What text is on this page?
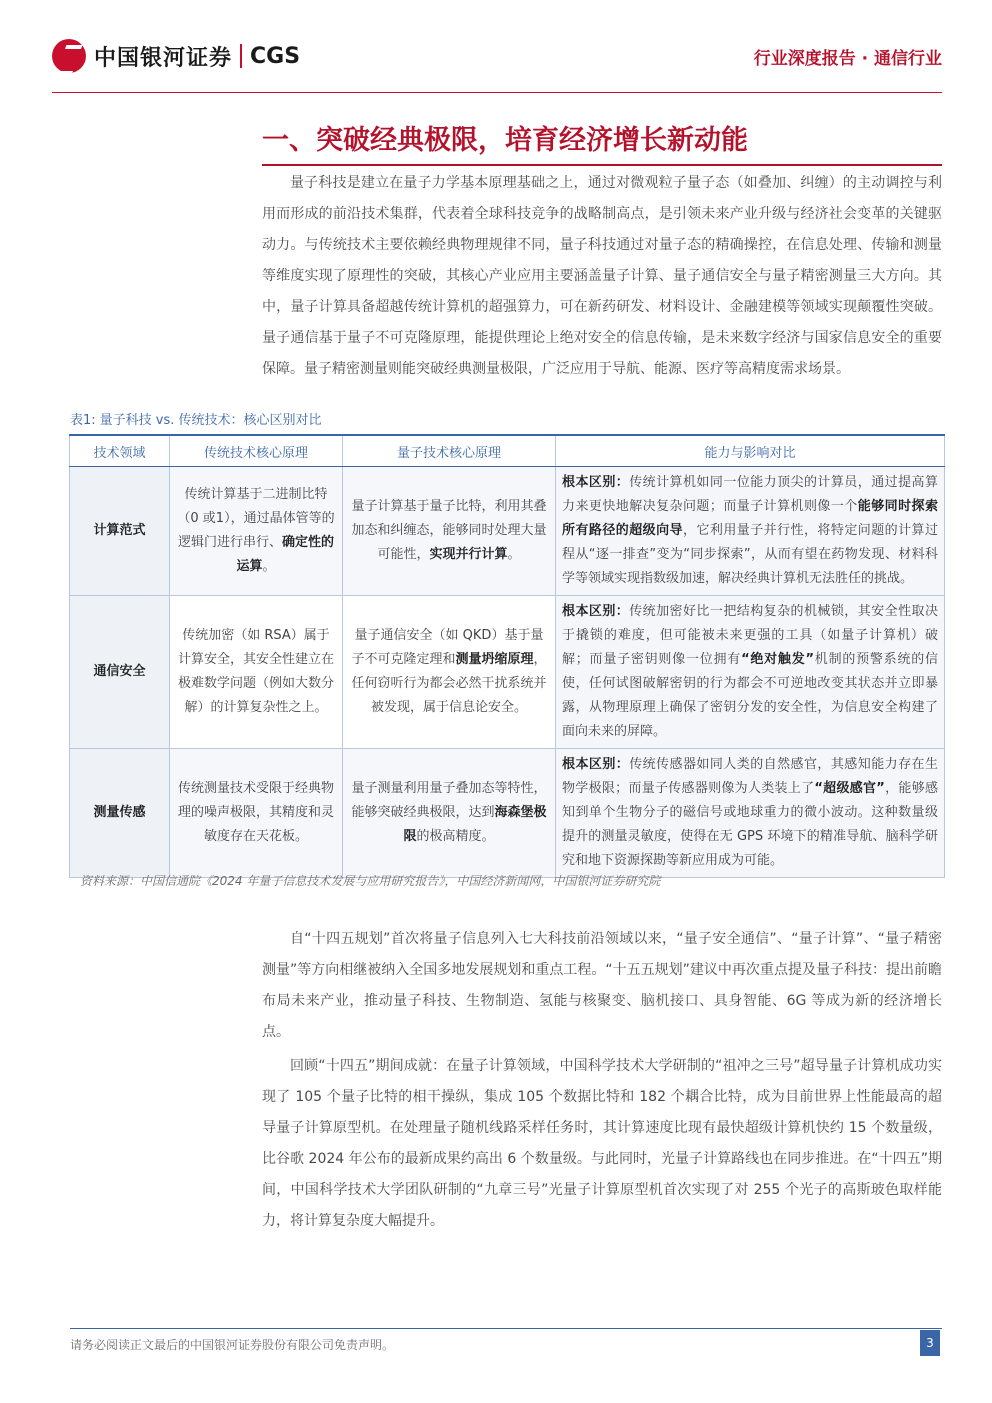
中国银河证券 CGS	行业深度报告 · 通信行业
一、突破经典极限，培育经济增长新动能

量子科技是建立在量子力学基本原理基础之上，通过对微观粒子量子态（如叠加、纠缠）的主动调控与利用而形成的前沿技术集群，代表着全球科技竞争的战略制高点，是引领未来产业升级与经济社会变革的关键驱动力。与传统技术主要依赖经典物理规律不同，量子科技通过对量子态的精确操控，在信息处理、传输和测量等维度实现了原理性的突破，其核心产业应用主要涵盖量子计算、量子通信安全与量子精密测量三大方向。其中，量子计算具备超越传统计算机的超强算力，可在新药研发、材料设计、金融建模等领域实现颠覆性突破。量子通信基于量子不可克隆原理，能提供理论上绝对安全的信息传输，是未来数字经济与国家信息安全的重要保障。量子精密测量则能突破经典测量极限，广泛应用于导航、能源、医疗等高精度需求场景。

表1: 量子科技 vs. 传统技术：核心区别对比
技术领域	传统技术核心原理	量子技术核心原理	能力与影响对比
计算范式	传统计算基于二进制比特（0 或1），通过晶体管等的逻辑门进行串行、确定性的运算。	量子计算基于量子比特，利用其叠加态和纠缠态，能够同时处理大量可能性，实现并行计算。	根本区别：传统计算机如同一位能力顶尖的计算员，通过提高算力来更快地解决复杂问题；而量子计算机则像一个能够同时探索所有路径的超级向导，它利用量子并行性，将特定问题的计算过程从“逐一排查”变为“同步探索”，从而有望在药物发现、材料科学等领域实现指数级加速，解决经典计算机无法胜任的挑战。
通信安全	传统加密（如 RSA）属于计算安全，其安全性建立在极难数学问题（例如大数分解）的计算复杂性之上。	量子通信安全（如 QKD）基于量子不可克隆定理和测量坍缩原理，任何窃听行为都会必然干扰系统并被发现，属于信息论安全。	根本区别：传统加密好比一把结构复杂的机械锁，其安全性取决于撬锁的难度，但可能被未来更强的工具（如量子计算机）破解；而量子密钥则像一位拥有“绝对触发”机制的预警系统的信使，任何试图破解密钥的行为都会不可逆地改变其状态并立即暴露，从物理原理上确保了密钥分发的安全性，为信息安全构建了面向未来的屏障。
测量传感	传统测量技术受限于经典物理的噪声极限，其精度和灵敏度存在天花板。	量子测量利用量子叠加态等特性，能够突破经典极限，达到海森堡极限的极高精度。	根本区别：传统传感器如同人类的自然感官，其感知能力存在生物学极限；而量子传感器则像为人类装上了“超级感官”，能够感知到单个生物分子的磁信号或地球重力的微小波动。这种数量级提升的测量灵敏度，使得在无 GPS 环境下的精准导航、脑科学研究和地下资源探勘等新应用成为可能。
资料来源：中国信通院《2024 年量子信息技术发展与应用研究报告》，中国经济新闻网，中国银河证券研究院

自“十四五规划”首次将量子信息列入七大科技前沿领域以来，“量子安全通信”、“量子计算”、“量子精密测量”等方向相继被纳入全国多地发展规划和重点工程。“十五五规划”建议中再次重点提及量子科技：提出前瞻布局未来产业，推动量子科技、生物制造、氢能与核聚变、脑机接口、具身智能、6G 等成为新的经济增长点。

回顾“十四五”期间成就：在量子计算领域，中国科学技术大学研制的“祖冲之三号”超导量子计算机成功实现了 105 个量子比特的相干操纵，集成 105 个数据比特和 182 个耦合比特，成为目前世界上性能最高的超导量子计算原型机。在处理量子随机线路采样任务时，其计算速度比现有最快超级计算机快约 15 个数量级，比谷歌 2024 年公布的最新成果约高出 6 个数量级。与此同时，光量子计算路线也在同步推进。在“十四五”期间，中国科学技术大学团队研制的“九章三号”光量子计算原型机首次实现了对 255 个光子的高斯玻色取样能力，将计算复杂度大幅提升。

请务必阅读正文最后的中国银河证券股份有限公司免责声明。	3
